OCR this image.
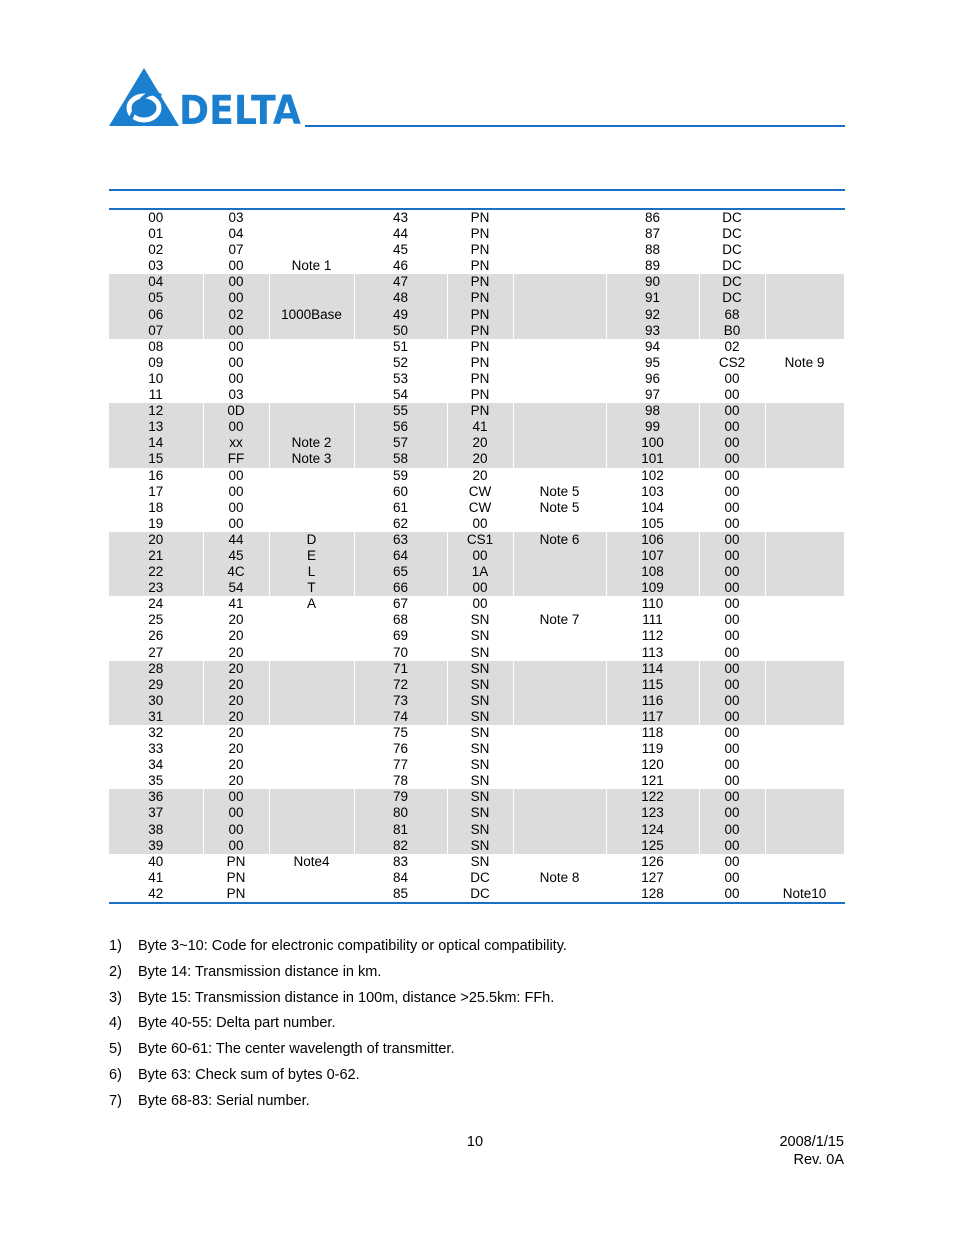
DELTA

00	03		43	PN		86	DC	
01	04		44	PN		87	DC	
02	07		45	PN		88	DC	
03	00	Note 1	46	PN		89	DC	
04	00		47	PN		90	DC	
05	00		48	PN		91	DC	
06	02	1000Base	49	PN		92	68	
07	00		50	PN		93	B0	
08	00		51	PN		94	02	
09	00		52	PN		95	CS2	Note 9
10	00		53	PN		96	00	
11	03		54	PN		97	00	
12	0D		55	PN		98	00	
13	00		56	41		99	00	
14	xx	Note 2	57	20		100	00	
15	FF	Note 3	58	20		101	00	
16	00		59	20		102	00	
17	00		60	CW	Note 5	103	00	
18	00		61	CW	Note 5	104	00	
19	00		62	00		105	00	
20	44	D	63	CS1	Note 6	106	00	
21	45	E	64	00		107	00	
22	4C	L	65	1A		108	00	
23	54	T	66	00		109	00	
24	41	A	67	00		110	00	
25	20		68	SN	Note 7	111	00	
26	20		69	SN		112	00	
27	20		70	SN		113	00	
28	20		71	SN		114	00	
29	20		72	SN		115	00	
30	20		73	SN		116	00	
31	20		74	SN		117	00	
32	20		75	SN		118	00	
33	20		76	SN		119	00	
34	20		77	SN		120	00	
35	20		78	SN		121	00	
36	00		79	SN		122	00	
37	00		80	SN		123	00	
38	00		81	SN		124	00	
39	00		82	SN		125	00	
40	PN	Note4	83	SN		126	00	
41	PN		84	DC	Note 8	127	00	
42	PN		85	DC		128	00	Note10
1)	Byte 3~10: Code for electronic compatibility or optical compatibility.
2)	Byte 14: Transmission distance in km.
3)	Byte 15: Transmission distance in 100m, distance >25.5km: FFh.
4)	Byte 40-55: Delta part number.
5)	Byte 60-61: The center wavelength of transmitter.
6)	Byte 63: Check sum of bytes 0-62.
7)	Byte 68-83: Serial number.
10	2008/1/15
Rev. 0A
